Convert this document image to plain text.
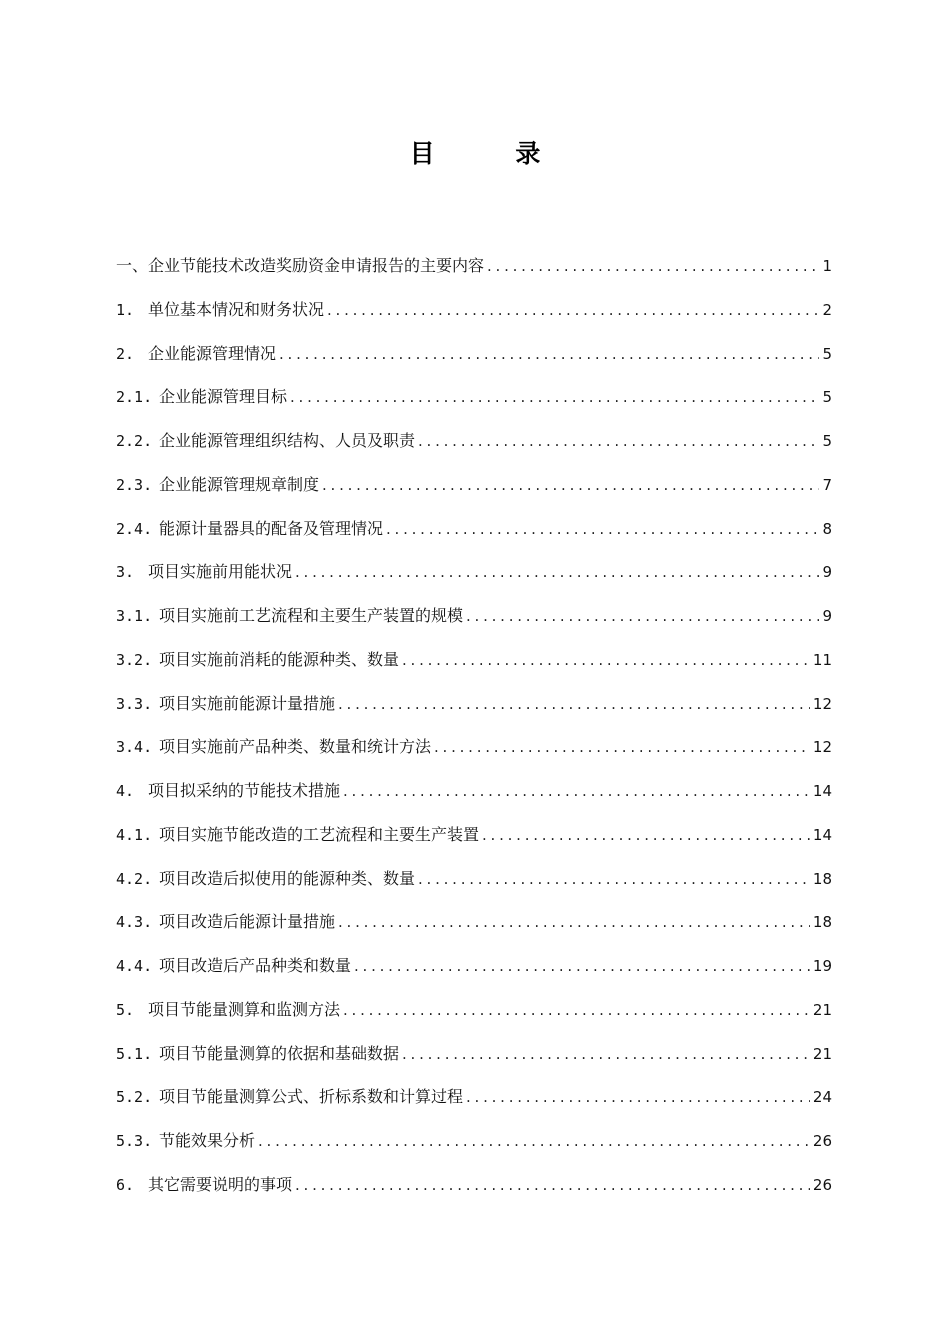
目 录
一、企业节能技术改造奖励资金申请报告的主要内容 . . .	1
1. 单位基本情况和财务状况 . . .	2
2. 企业能源管理情况 . . .	5
2.1. 企业能源管理目标 . . .	5
2.2. 企业能源管理组织结构、人员及职责 . . .	5
2.3. 企业能源管理规章制度 . . .	7
2.4. 能源计量器具的配备及管理情况 . . .	8
3. 项目实施前用能状况 . . .	9
3.1. 项目实施前工艺流程和主要生产装置的规模 . . .	9
3.2. 项目实施前消耗的能源种类、数量 . . .	11
3.3. 项目实施前能源计量措施 . . .	12
3.4. 项目实施前产品种类、数量和统计方法 . . .	12
4. 项目拟采纳的节能技术措施 . . .	14
4.1. 项目实施节能改造的工艺流程和主要生产装置 . . .	14
4.2. 项目改造后拟使用的能源种类、数量 . . .	18
4.3. 项目改造后能源计量措施 . . .	18
4.4. 项目改造后产品种类和数量 . . .	19
5. 项目节能量测算和监测方法 . . .	21
5.1. 项目节能量测算的依据和基础数据 . . .	21
5.2. 项目节能量测算公式、折标系数和计算过程 . . .	24
5.3. 节能效果分析 . . .	26
6. 其它需要说明的事项 . . .	26
